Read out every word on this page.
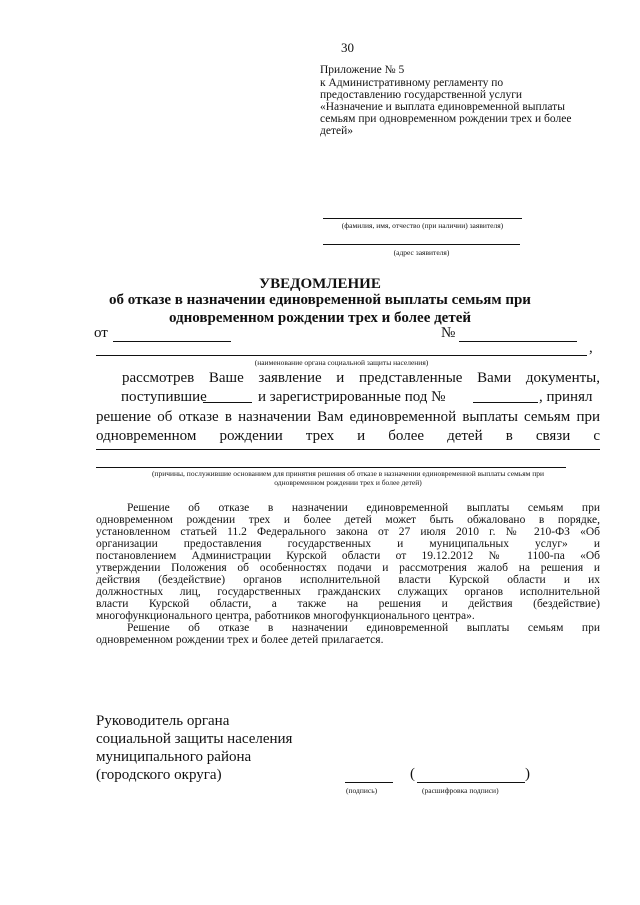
30
Приложение № 5
к Административному регламенту по
предоставлению государственной услуги
«Назначение и выплата единовременной выплаты
семьям при одновременном рождении трех и более
детей»
(фамилия, имя, отчество (при наличии) заявителя)
(адрес заявителя)
УВЕДОМЛЕНИЕ
об отказе в назначении единовременной выплаты семьям при
одновременном рождении трех и более детей
от	№
,
(наименование органа социальной защиты населения)
рассмотрев Ваше заявление и представленные Вами документы,
поступившие	и зарегистрированные под №	, принял
решение об отказе в назначении Вам единовременной выплаты семьям при
одновременном рождении трех и более детей в связи с
(причины, послужившие основанием для принятия решения об отказе в назначении единовременной выплаты семьям при
одновременном рождении трех и более детей)
Решение об отказе в назначении единовременной выплаты семьям при
одновременном рождении трех и более детей может быть обжаловано в порядке,
установленном статьей 11.2 Федерального закона от 27 июля 2010 г. № 210-ФЗ «Об
организации предоставления государственных и муниципальных услуг» и
постановлением Администрации Курской области от 19.12.2012 № 1100-па «Об
утверждении Положения об особенностях подачи и рассмотрения жалоб на решения и
действия (бездействие) органов исполнительной власти Курской области и их
должностных лиц, государственных гражданских служащих органов исполнительной
власти Курской области, а также на решения и действия (бездействие)
многофункционального центра, работников многофункционального центра».
Решение об отказе в назначении единовременной выплаты семьям при
одновременном рождении трех и более детей прилагается.
Руководитель органа
социальной защиты населения
муниципального района
(городского округа)
(подпись)
(	)
(расшифровка подписи)
